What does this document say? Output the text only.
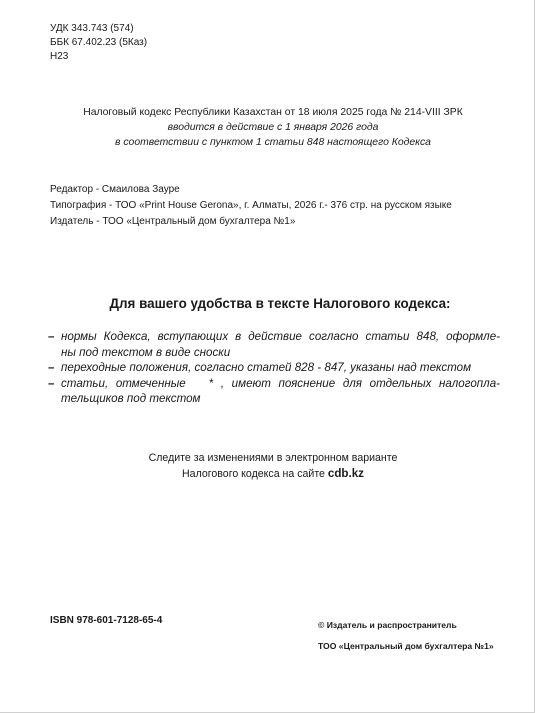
УДК 343.743 (574)
ББК 67.402.23 (5Каз)
Н23
Налоговый кодекс Республики Казахстан от 18 июля 2025 года № 214-VIII ЗРК
вводится в действие с 1 января 2026 года
в соответствии с пунктом 1 статьи 848 настоящего Кодекса
Редактор - Смаилова Зауре
Типография - ТОО «Print House Gerona», г. Алматы, 2026 г.- 376 стр. на русском языке
Издатель - ТОО «Центральный дом бухгалтера №1»
Для вашего удобства в тексте Налогового кодекса:
– нормы Кодекса, вступающих в действие согласно статьи 848, оформле-
ны под текстом в виде сноски
– переходные положения, согласно статей 828 - 847, указаны над текстом
– статьи, отмеченные   * , имеют пояснение для отдельных налогопла-
тельщиков под текстом
Следите за изменениями в электронном варианте
Налогового кодекса на сайте cdb.kz
ISBN 978-601-7128-65-4	© Издатель и распространитель
ТОО «Центральный дом бухгалтера №1»
